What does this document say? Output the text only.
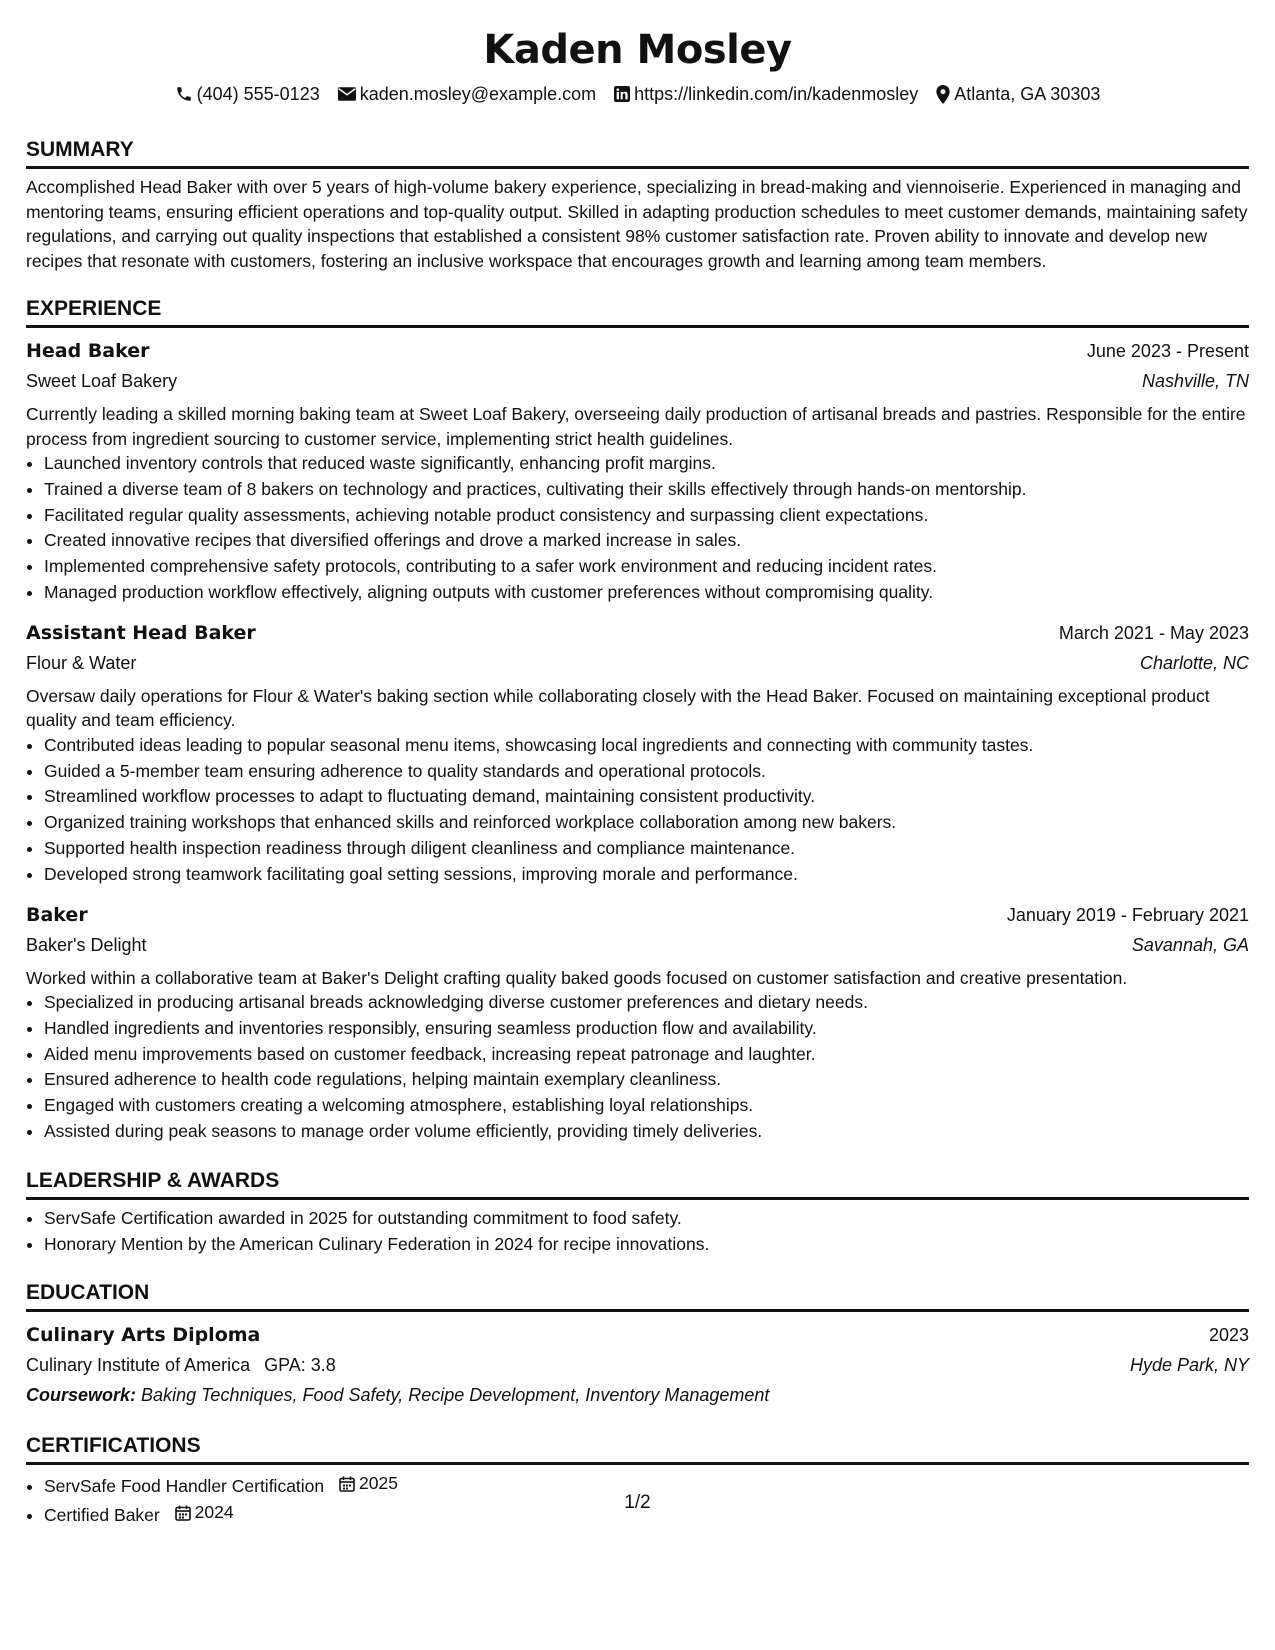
Kaden Mosley
(404) 555-0123 kaden.mosley@example.com https://linkedin.com/in/kadenmosley Atlanta, GA 30303
SUMMARY

Accomplished Head Baker with over 5 years of high-volume bakery experience, specializing in bread-making and viennoiserie. Experienced in managing and mentoring teams, ensuring efficient operations and top-quality output. Skilled in adapting production schedules to meet customer demands, maintaining safety regulations, and carrying out quality inspections that established a consistent 98% customer satisfaction rate. Proven ability to innovate and develop new recipes that resonate with customers, fostering an inclusive workspace that encourages growth and learning among team members.

EXPERIENCE
Head Baker	June 2023 - Present
Sweet Loaf Bakery	Nashville, TN

Currently leading a skilled morning baking team at Sweet Loaf Bakery, overseeing daily production of artisanal breads and pastries. Responsible for the entire process from ingredient sourcing to customer service, implementing strict health guidelines.

• Launched inventory controls that reduced waste significantly, enhancing profit margins.
• Trained a diverse team of 8 bakers on technology and practices, cultivating their skills effectively through hands-on mentorship.
• Facilitated regular quality assessments, achieving notable product consistency and surpassing client expectations.
• Created innovative recipes that diversified offerings and drove a marked increase in sales.
• Implemented comprehensive safety protocols, contributing to a safer work environment and reducing incident rates.
• Managed production workflow effectively, aligning outputs with customer preferences without compromising quality.
Assistant Head Baker	March 2021 - May 2023
Flour & Water	Charlotte, NC

Oversaw daily operations for Flour & Water's baking section while collaborating closely with the Head Baker. Focused on maintaining exceptional product quality and team efficiency.

• Contributed ideas leading to popular seasonal menu items, showcasing local ingredients and connecting with community tastes.
• Guided a 5-member team ensuring adherence to quality standards and operational protocols.
• Streamlined workflow processes to adapt to fluctuating demand, maintaining consistent productivity.
• Organized training workshops that enhanced skills and reinforced workplace collaboration among new bakers.
• Supported health inspection readiness through diligent cleanliness and compliance maintenance.
• Developed strong teamwork facilitating goal setting sessions, improving morale and performance.
Baker	January 2019 - February 2021
Baker's Delight	Savannah, GA

Worked within a collaborative team at Baker's Delight crafting quality baked goods focused on customer satisfaction and creative presentation.

• Specialized in producing artisanal breads acknowledging diverse customer preferences and dietary needs.
• Handled ingredients and inventories responsibly, ensuring seamless production flow and availability.
• Aided menu improvements based on customer feedback, increasing repeat patronage and laughter.
• Ensured adherence to health code regulations, helping maintain exemplary cleanliness.
• Engaged with customers creating a welcoming atmosphere, establishing loyal relationships.
• Assisted during peak seasons to manage order volume efficiently, providing timely deliveries.
LEADERSHIP & AWARDS
• ServSafe Certification awarded in 2025 for outstanding commitment to food safety.
• Honorary Mention by the American Culinary Federation in 2024 for recipe innovations.
EDUCATION
Culinary Arts Diploma	2023
Culinary Institute of America GPA: 3.8	Hyde Park, NY
Coursework: Baking Techniques, Food Safety, Recipe Development, Inventory Management
CERTIFICATIONS
• ServSafe Food Handler Certification 2025
• Certified Baker 2024	1/2
